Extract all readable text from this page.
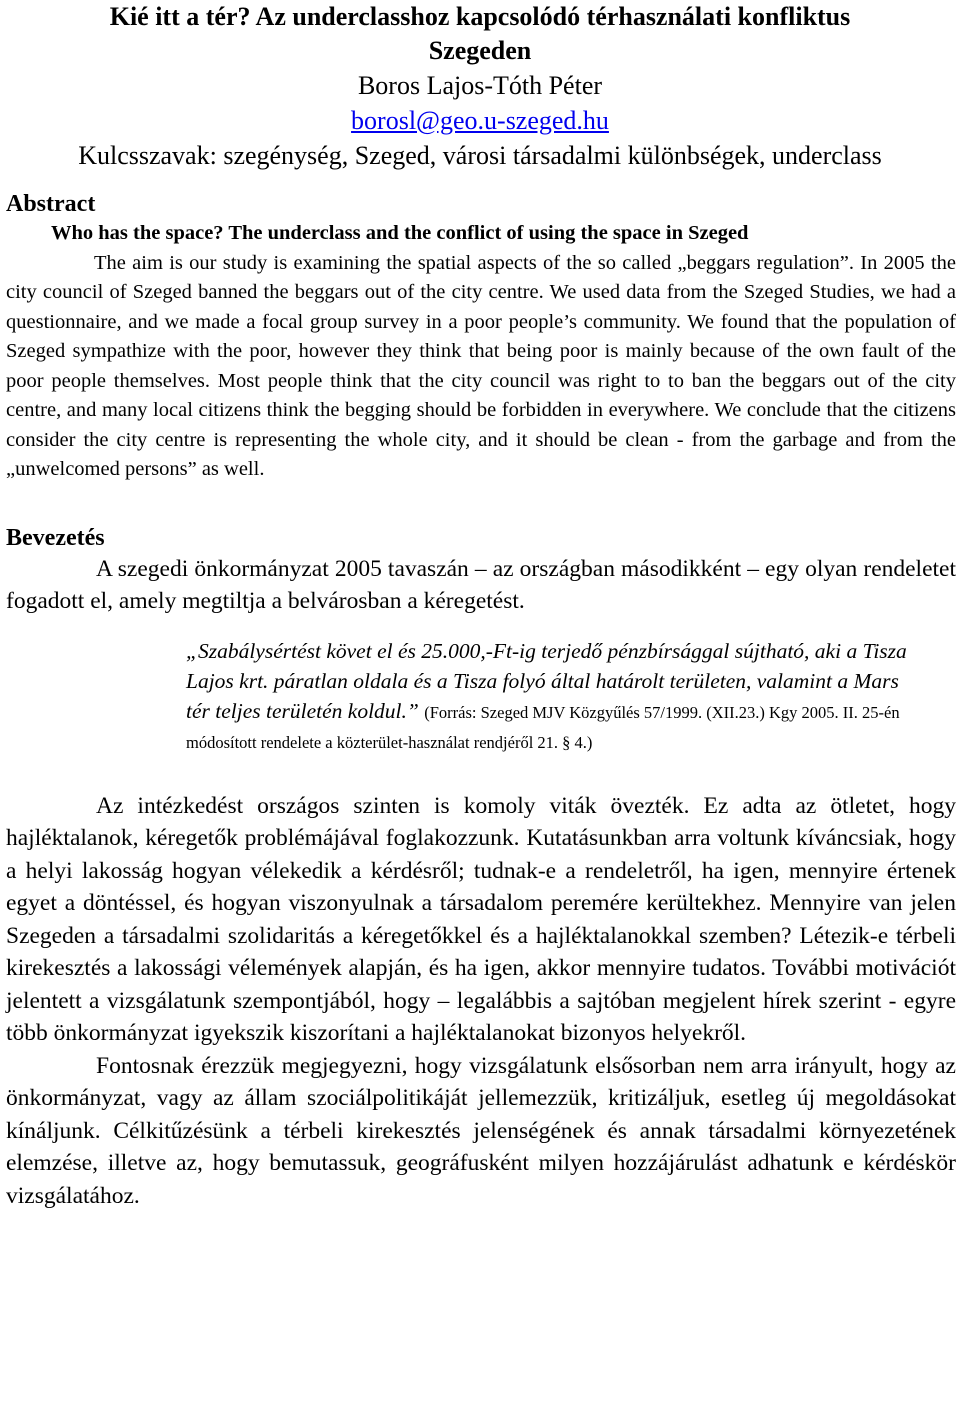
Kié itt a tér? Az underclasshoz kapcsolódó térhasználati konfliktus

Szegeden

Boros Lajos-Tóth Péter

borosl@geo.u-szeged.hu

Kulcsszavak: szegénység, Szeged, városi társadalmi különbségek, underclass

Abstract
Who has the space? The underclass and the conflict of using the space in Szeged
The aim is our study is examining the spatial aspects of the so called „beggars regulation”. In 2005 the city council of Szeged banned the beggars out of the city centre. We used data from the Szeged Studies, we had a questionnaire, and we made a focal group survey in a poor people’s community. We found that the population of Szeged sympathize with the poor, however they think that being poor is mainly because of the own fault of the poor people themselves. Most people think that the city council was right to to ban the beggars out of the city centre, and many local citizens think the begging should be forbidden in everywhere. We conclude that the citizens consider the city centre is representing the whole city, and it should be clean - from the garbage and from the „unwelcomed persons” as well.
Bevezetés
A szegedi önkormányzat 2005 tavaszán – az országban másodikként – egy olyan rendeletet fogadott el, amely megtiltja a belvárosban a kéregetést.
„Szabálysértést követ el és 25.000,-Ft-ig terjedő pénzbírsággal sújtható, aki a Tisza Lajos krt. páratlan oldala és a Tisza folyó által határolt területen, valamint a Mars tér teljes területén koldul.” (Forrás: Szeged MJV Közgyűlés 57/1999. (XII.23.) Kgy 2005. II. 25-én módosított rendelete a közterület-használat rendjéről 21. § 4.)
Az intézkedést országos szinten is komoly viták övezték. Ez adta az ötletet, hogy hajléktalanok, kéregetők problémájával foglakozzunk. Kutatásunkban arra voltunk kíváncsiak, hogy a helyi lakosság hogyan vélekedik a kérdésről; tudnak-e a rendeletről, ha igen, mennyire értenek egyet a döntéssel, és hogyan viszonyulnak a társadalom peremére kerültekhez. Mennyire van jelen Szegeden a társadalmi szolidaritás a kéregetőkkel és a hajléktalanokkal szemben? Létezik-e térbeli kirekesztés a lakossági vélemények alapján, és ha igen, akkor mennyire tudatos. További motivációt jelentett a vizsgálatunk szempontjából, hogy – legalábbis a sajtóban megjelent hírek szerint - egyre több önkormányzat igyekszik kiszorítani a hajléktalanokat bizonyos helyekről.
Fontosnak érezzük megjegyezni, hogy vizsgálatunk elsősorban nem arra irányult, hogy az önkormányzat, vagy az állam szociálpolitikáját jellemezzük, kritizáljuk, esetleg új megoldásokat kínáljunk. Célkitűzésünk a térbeli kirekesztés jelenségének és annak társadalmi környezetének elemzése, illetve az, hogy bemutassuk, geográfusként milyen hozzájárulást adhatunk e kérdéskör vizsgálatához.
